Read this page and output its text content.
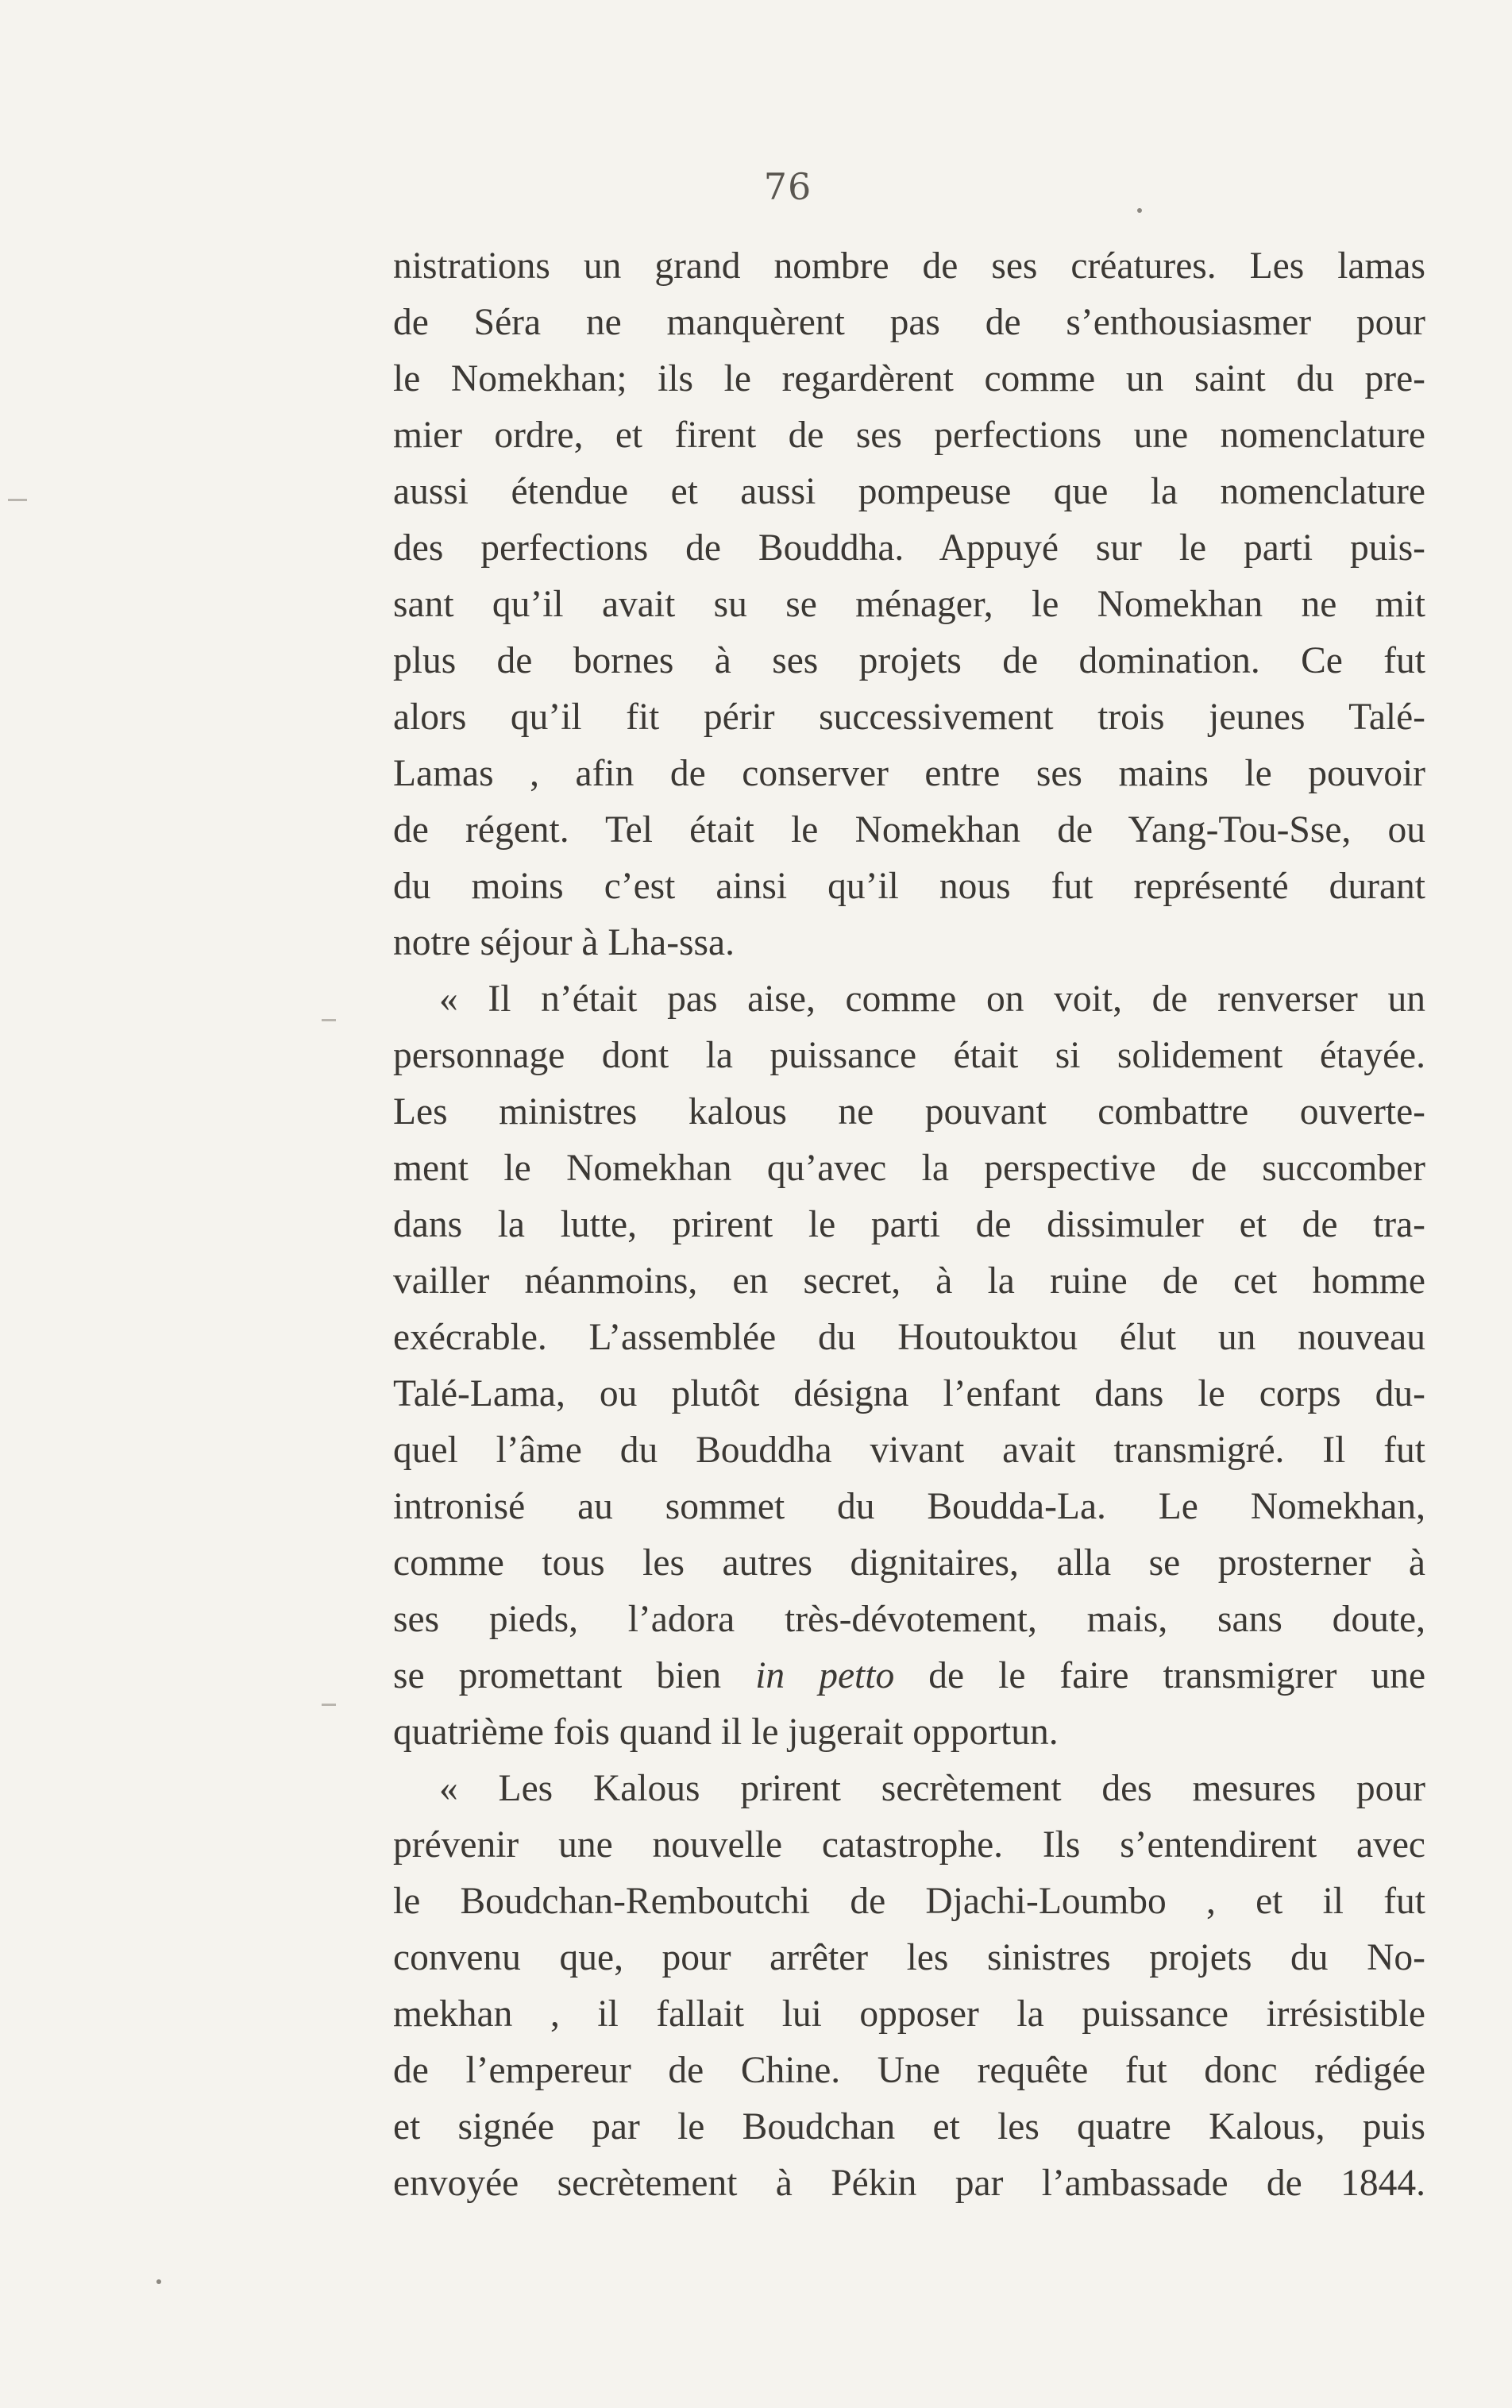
76
nistrations un grand nombre de ses créatures. Les lamas
de Séra ne manquèrent pas de s’enthousiasmer pour
le Nomekhan; ils le regardèrent comme un saint du pre-
mier ordre, et firent de ses perfections une nomenclature
aussi étendue et aussi pompeuse que la nomenclature
des perfections de Bouddha. Appuyé sur le parti puis-
sant qu’il avait su se ménager, le Nomekhan ne mit
plus de bornes à ses projets de domination. Ce fut
alors qu’il fit périr successivement trois jeunes Talé-
Lamas , afin de conserver entre ses mains le pouvoir
de régent. Tel était le Nomekhan de Yang-Tou-Sse, ou
du moins c’est ainsi qu’il nous fut représenté durant
notre séjour à Lha-ssa.
« Il n’était pas aise, comme on voit, de renverser un
personnage dont la puissance était si solidement étayée.
Les ministres kalous ne pouvant combattre ouverte-
ment le Nomekhan qu’avec la perspective de succomber
dans la lutte, prirent le parti de dissimuler et de tra-
vailler néanmoins, en secret, à la ruine de cet homme
exécrable. L’assemblée du Houtouktou élut un nouveau
Talé-Lama, ou plutôt désigna l’enfant dans le corps du-
quel l’âme du Bouddha vivant avait transmigré. Il fut
intronisé au sommet du Boudda-La. Le Nomekhan,
comme tous les autres dignitaires, alla se prosterner à
ses pieds, l’adora très-dévotement, mais, sans doute,
se promettant bien in petto de le faire transmigrer une
quatrième fois quand il le jugerait opportun.
« Les Kalous prirent secrètement des mesures pour
prévenir une nouvelle catastrophe. Ils s’entendirent avec
le Boudchan-Remboutchi de Djachi-Loumbo , et il fut
convenu que, pour arrêter les sinistres projets du No-
mekhan , il fallait lui opposer la puissance irrésistible
de l’empereur de Chine. Une requête fut donc rédigée
et signée par le Boudchan et les quatre Kalous, puis
envoyée secrètement à Pékin par l’ambassade de 1844.
